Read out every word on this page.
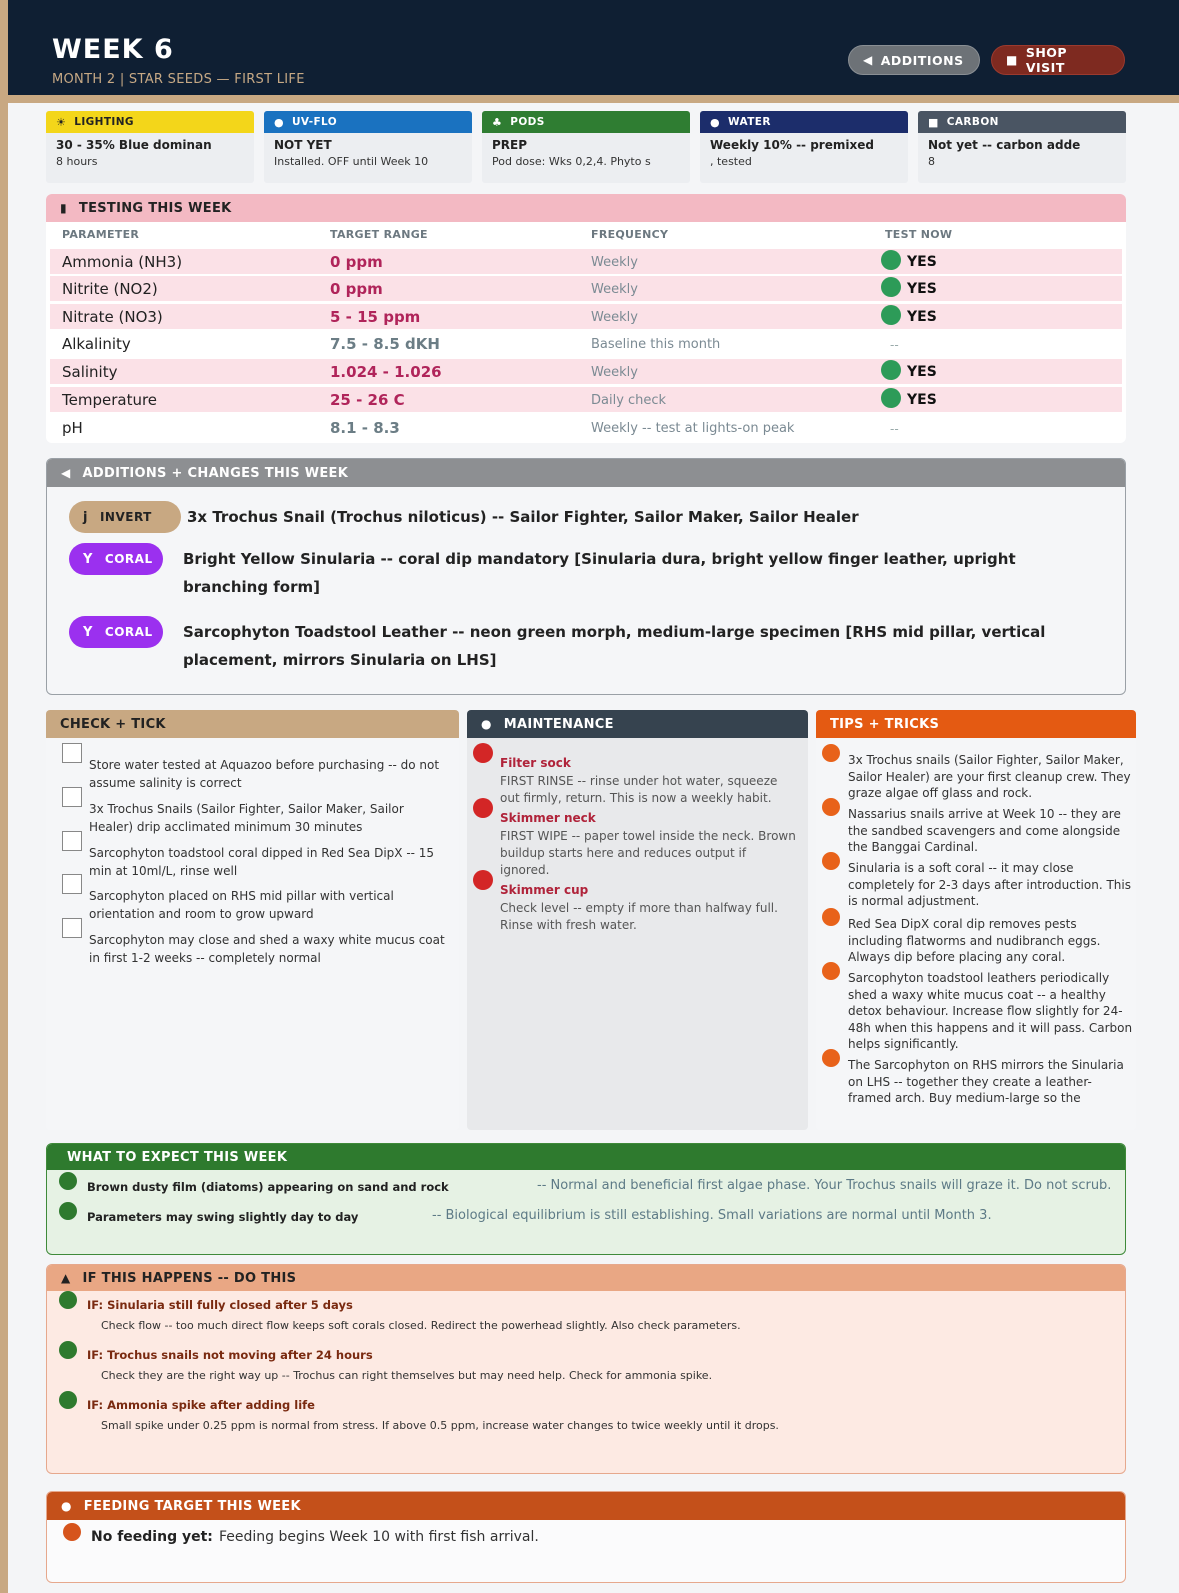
WEEK 6
MONTH 2 | STAR SEEDS — FIRST LIFE
◀ ADDITIONS	■ SHOP VISIT
☀ LIGHTING
30 - 35% Blue dominan
8 hours
● UV-FLO
NOT YET
Installed. OFF until Week 10
♣ PODS
PREP
Pod dose: Wks 0,2,4. Phyto s
● WATER
Weekly 10% -- premixed
, tested
■ CARBON
Not yet -- carbon adde
8
▮ TESTING THIS WEEK
PARAMETER	TARGET RANGE	FREQUENCY	TEST NOW
Ammonia (NH3)	0 ppm	Weekly	YES
Nitrite (NO2)	0 ppm	Weekly	YES
Nitrate (NO3)	5 - 15 ppm	Weekly	YES
Alkalinity	7.5 - 8.5 dKH	Baseline this month	--
Salinity	1.024 - 1.026	Weekly	YES
Temperature	25 - 26 C	Daily check	YES
pH	8.1 - 8.3	Weekly -- test at lights-on peak	--
◀ ADDITIONS + CHANGES THIS WEEK
ϳ INVERT 3x Trochus Snail (Trochus niloticus) -- Sailor Fighter, Sailor Maker, Sailor Healer
Y CORAL Bright Yellow Sinularia -- coral dip mandatory [Sinularia dura, bright yellow finger leather, upright branching form]
Y CORAL Sarcophyton Toadstool Leather -- neon green morph, medium-large specimen [RHS mid pillar, vertical placement, mirrors Sinularia on LHS]
CHECK + TICK
Store water tested at Aquazoo before purchasing -- do not assume salinity is correct
3x Trochus Snails (Sailor Fighter, Sailor Maker, Sailor Healer) drip acclimated minimum 30 minutes
Sarcophyton toadstool coral dipped in Red Sea DipX -- 15 min at 10ml/L, rinse well
Sarcophyton placed on RHS mid pillar with vertical orientation and room to grow upward
Sarcophyton may close and shed a waxy white mucus coat in first 1-2 weeks -- completely normal
● MAINTENANCE
Filter sock
FIRST RINSE -- rinse under hot water, squeeze out firmly, return. This is now a weekly habit.
Skimmer neck
FIRST WIPE -- paper towel inside the neck. Brown buildup starts here and reduces output if ignored.
Skimmer cup
Check level -- empty if more than halfway full. Rinse with fresh water.
TIPS + TRICKS
3x Trochus snails (Sailor Fighter, Sailor Maker, Sailor Healer) are your first cleanup crew. They graze algae off glass and rock.
Nassarius snails arrive at Week 10 -- they are the sandbed scavengers and come alongside the Banggai Cardinal.
Sinularia is a soft coral -- it may close completely for 2-3 days after introduction. This is normal adjustment.
Red Sea DipX coral dip removes pests including flatworms and nudibranch eggs. Always dip before placing any coral.
Sarcophyton toadstool leathers periodically shed a waxy white mucus coat -- a healthy detox behaviour. Increase flow slightly for 24-48h when this happens and it will pass. Carbon helps significantly.
The Sarcophyton on RHS mirrors the Sinularia on LHS -- together they create a leather-framed arch. Buy medium-large so the
WHAT TO EXPECT THIS WEEK
Brown dusty film (diatoms) appearing on sand and rock	-- Normal and beneficial first algae phase. Your Trochus snails will graze it. Do not scrub.
Parameters may swing slightly day to day	-- Biological equilibrium is still establishing. Small variations are normal until Month 3.
▲ IF THIS HAPPENS -- DO THIS
IF: Sinularia still fully closed after 5 days
Check flow -- too much direct flow keeps soft corals closed. Redirect the powerhead slightly. Also check parameters.
IF: Trochus snails not moving after 24 hours
Check they are the right way up -- Trochus can right themselves but may need help. Check for ammonia spike.
IF: Ammonia spike after adding life
Small spike under 0.25 ppm is normal from stress. If above 0.5 ppm, increase water changes to twice weekly until it drops.
● FEEDING TARGET THIS WEEK
No feeding yet: Feeding begins Week 10 with first fish arrival.
